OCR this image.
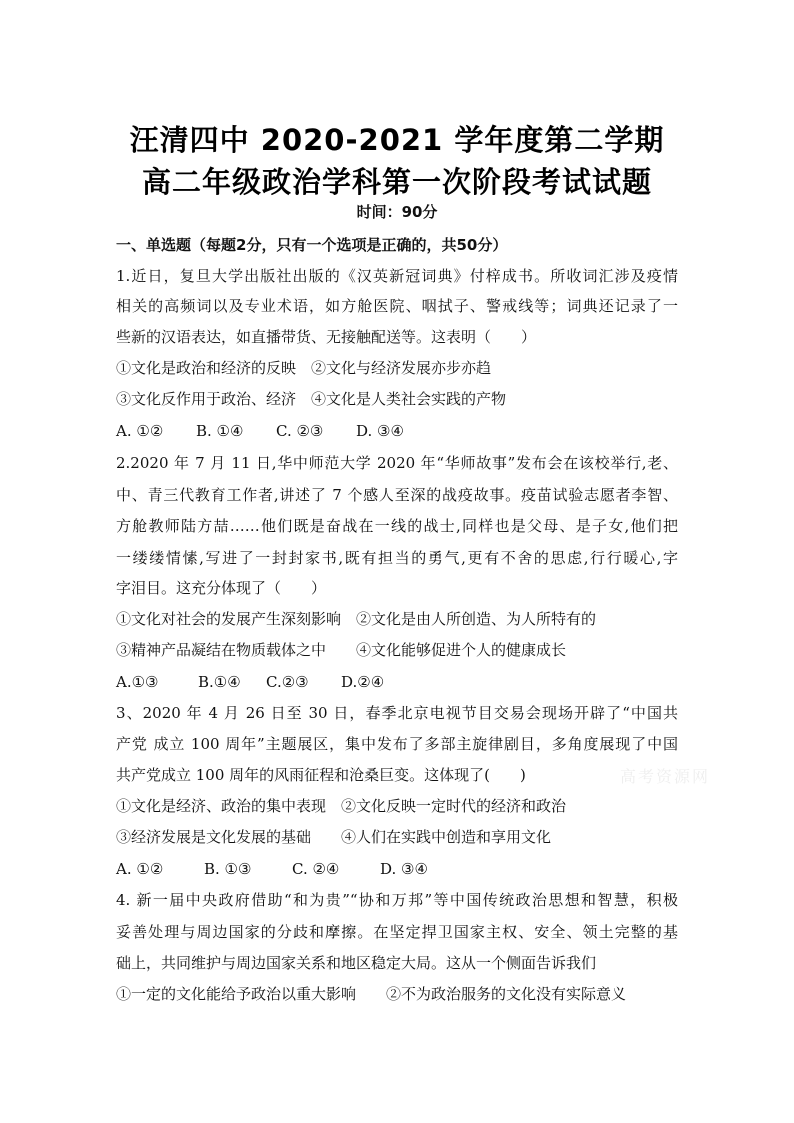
汪清四中 2020-2021 学年度第二学期
高二年级政治学科第一次阶段考试试题
时间：90分
一、单选题（每题2分，只有一个选项是正确的，共50分）
1.近日，复旦大学出版社出版的《汉英新冠词典》付梓成书。所收词汇涉及疫情
相关的高频词以及专业术语，如方舱医院、咽拭子、警戒线等；词典还记录了一
些新的汉语表达，如直播带货、无接触配送等。这表明（　　）
①文化是政治和经济的反映　②文化与经济发展亦步亦趋
③文化反作用于政治、经济　④文化是人类社会实践的产物
A. ①② B. ①④ C. ②③ D. ③④
2.2020 年 7 月 11 日,华中师范大学 2020 年“华师故事”发布会在该校举行,老、
中、青三代教育工作者,讲述了 7 个感人至深的战疫故事。疫苗试验志愿者李智、
方舱教师陆方喆……他们既是奋战在一线的战士,同样也是父母、是子女,他们把
一缕缕情愫,写进了一封封家书,既有担当的勇气,更有不舍的思虑,行行暖心,字
字泪目。这充分体现了（　　）
①文化对社会的发展产生深刻影响　②文化是由人所创造、为人所特有的
③精神产品凝结在物质载体之中　　④文化能够促进个人的健康成长
A.①③	B.①④ C.②③ D.②④
3、2020 年 4 月 26 日至 30 日，春季北京电视节目交易会现场开辟了“中国共
产党 成立 100 周年”主题展区，集中发布了多部主旋律剧目，多角度展现了中国
共产党成立 100 周年的风雨征程和沧桑巨变。这体现了(　　)
①文化是经济、政治的集中表现　②文化反映一定时代的经济和政治
③经济发展是文化发展的基础　　④人们在实践中创造和享用文化
A. ①②	B. ①③	C. ②④	D. ③④
4. 新一届中央政府借助“和为贵”“协和万邦”等中国传统政治思想和智慧，积极
妥善处理与周边国家的分歧和摩擦。在坚定捍卫国家主权、安全、领土完整的基
础上，共同维护与周边国家关系和地区稳定大局。这从一个侧面告诉我们
①一定的文化能给予政治以重大影响　　②不为政治服务的文化没有实际意义
高考资源网
